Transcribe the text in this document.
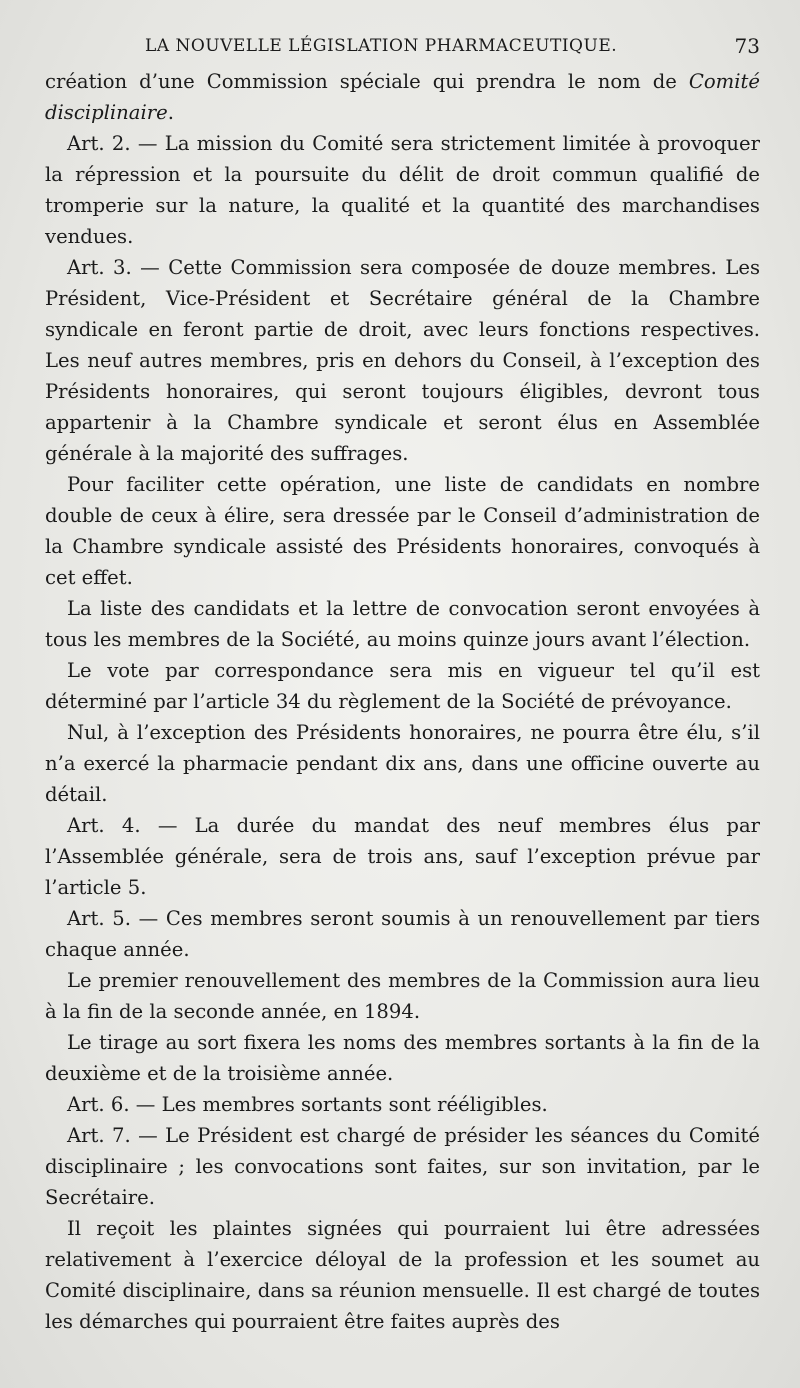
LA NOUVELLE LÉGISLATION PHARMACEUTIQUE.	73

création d’une Commission spéciale qui prendra le nom de Comité disciplinaire.

Art. 2. — La mission du Comité sera strictement limitée à provoquer la répression et la poursuite du délit de droit commun qualifié de tromperie sur la nature, la qualité et la quantité des marchandises vendues.

Art. 3. — Cette Commission sera composée de douze membres. Les Président, Vice-Président et Secrétaire général de la Chambre syndicale en feront partie de droit, avec leurs fonctions respectives. Les neuf autres membres, pris en dehors du Conseil, à l’exception des Présidents honoraires, qui seront toujours éligibles, devront tous appartenir à la Chambre syndicale et seront élus en Assemblée générale à la majorité des suffrages.

Pour faciliter cette opération, une liste de candidats en nombre double de ceux à élire, sera dressée par le Conseil d’administration de la Chambre syndicale assisté des Présidents honoraires, convoqués à cet effet.

La liste des candidats et la lettre de convocation seront envoyées à tous les membres de la Société, au moins quinze jours avant l’élection.

Le vote par correspondance sera mis en vigueur tel qu’il est déterminé par l’article 34 du règlement de la Société de prévoyance.

Nul, à l’exception des Présidents honoraires, ne pourra être élu, s’il n’a exercé la pharmacie pendant dix ans, dans une officine ouverte au détail.

Art. 4. — La durée du mandat des neuf membres élus par l’Assemblée générale, sera de trois ans, sauf l’exception prévue par l’article 5.

Art. 5. — Ces membres seront soumis à un renouvellement par tiers chaque année.

Le premier renouvellement des membres de la Commission aura lieu à la fin de la seconde année, en 1894.

Le tirage au sort fixera les noms des membres sortants à la fin de la deuxième et de la troisième année.

Art. 6. — Les membres sortants sont rééligibles.

Art. 7. — Le Président est chargé de présider les séances du Comité disciplinaire ; les convocations sont faites, sur son invitation, par le Secrétaire.

Il reçoit les plaintes signées qui pourraient lui être adressées relativement à l’exercice déloyal de la profession et les soumet au Comité disciplinaire, dans sa réunion mensuelle. Il est chargé de toutes les démarches qui pourraient être faites auprès des
